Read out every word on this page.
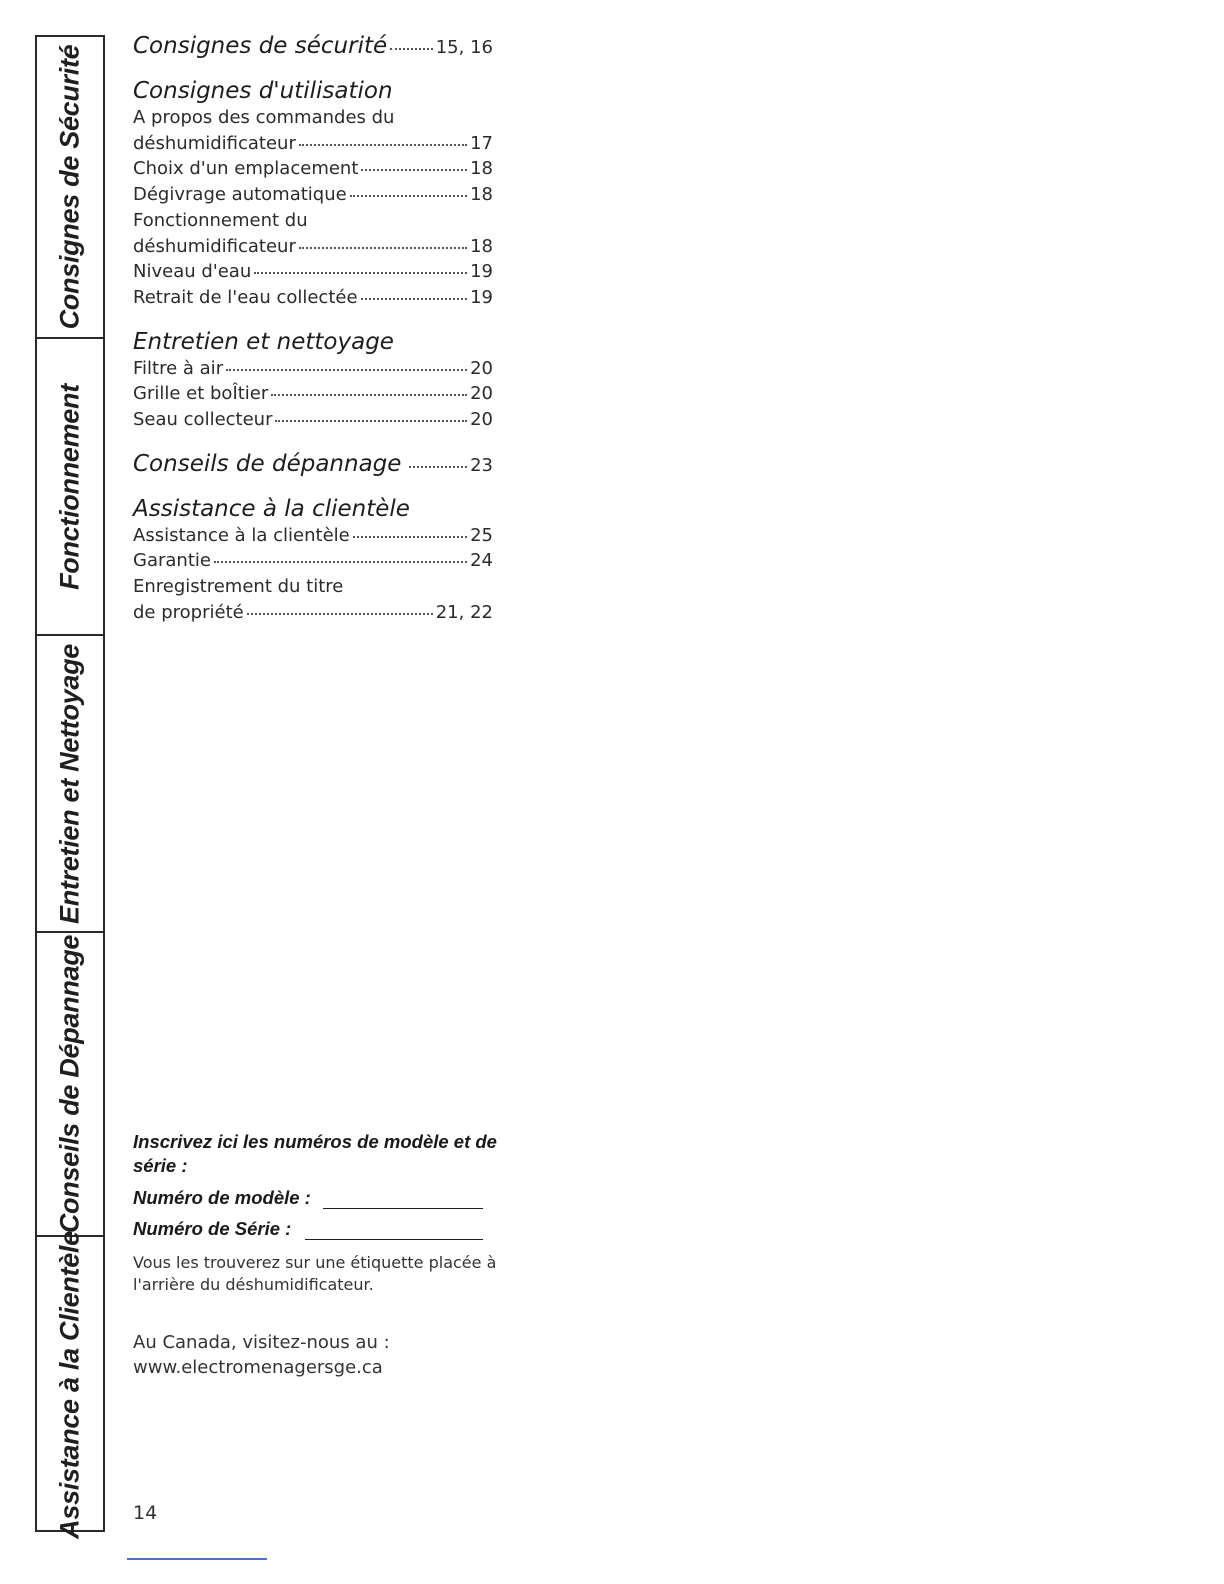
Consignes de Sécurité
Fonctionnement
Entretien et Nettoyage
Conseils de Dépannage
Assistance à la Clientèle
Consignes de sécurité	15, 16
Consignes d'utilisation
A propos des commandes du
déshumidificateur	17
Choix d'un emplacement	18
Dégivrage automatique	18
Fonctionnement du
déshumidificateur	18
Niveau d'eau	19
Retrait de l'eau collectée	19
Entretien et nettoyage
Filtre à air	20
Grille et boÎtier	20
Seau collecteur	20
Conseils de dépannage	23
Assistance à la clientèle
Assistance à la clientèle	25
Garantie	24
Enregistrement du titre
de propriété	21, 22
Inscrivez ici les numéros de modèle et de série :
Numéro de modèle :
Numéro de Série :
Vous les trouverez sur une étiquette placée à l'arrière du déshumidificateur.
Au Canada, visitez-nous au :
www.electromenagersge.ca
14
